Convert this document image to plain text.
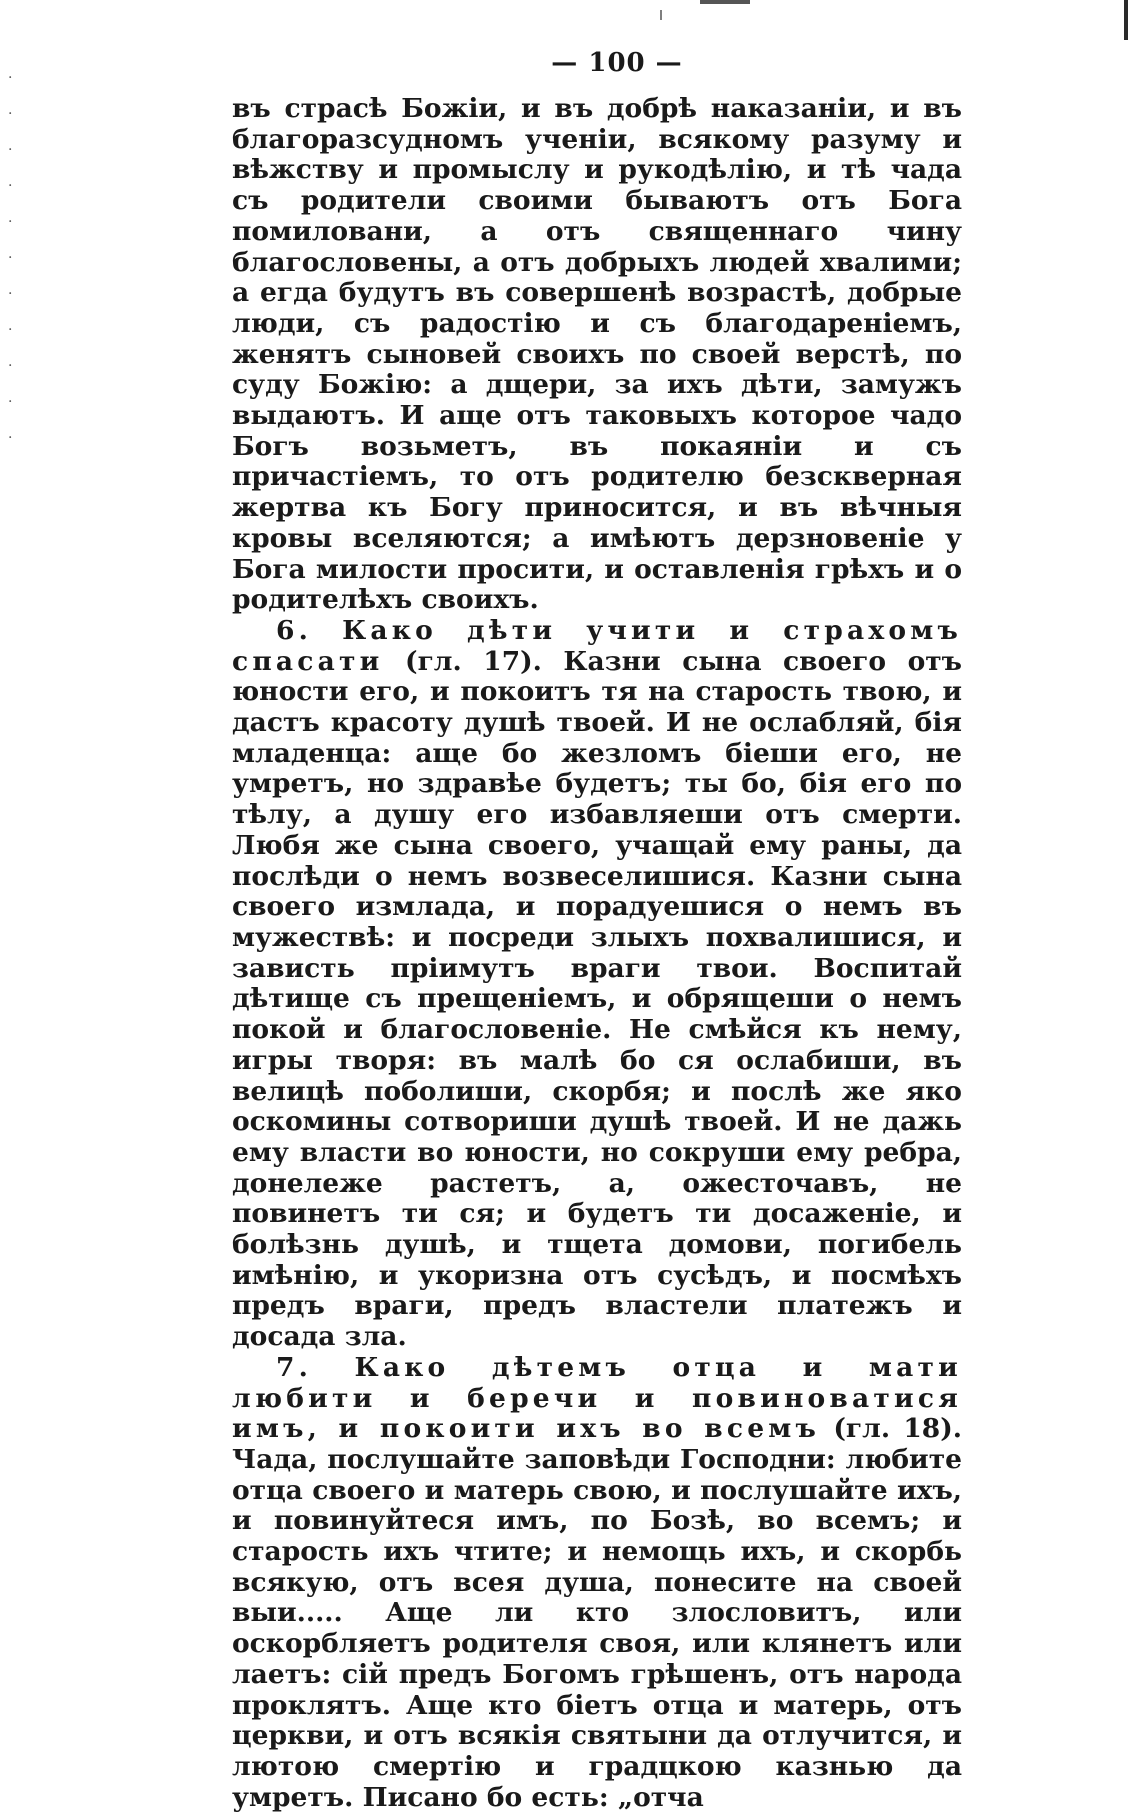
·
·
·
·
·
·
·
·
·
·
·
— 100 —

въ страсѣ Божiи, и въ добрѣ наказанiи, и въ благоразсудномъ ученiи, всякому разуму и вѣжству и промыслу и рукодѣлiю, и тѣ чада съ родители своими бываютъ отъ Бога помиловани, а отъ священнаго чину благословены, а отъ добрыхъ людей хвалими; а егда будутъ въ совершенѣ возрастѣ, добрые люди, съ радостiю и съ благодаренiемъ, женятъ сыновей своихъ по своей верстѣ, по суду Божiю: а дщери, за ихъ дѣти, замужъ выдаютъ. И аще отъ таковыхъ которое чадо Богъ возьметъ, въ покаянiи и съ причастiемъ, то отъ родителю безскверная жертва къ Богу приносится, и въ вѣчныя кровы вселяются; а имѣютъ дерзновенiе у Бога милости просити, и оставленiя грѣхъ и о родителѣхъ своихъ.

6. Како дѣти учити и страхомъ спасати (гл. 17). Казни сына своего отъ юности его, и покоитъ тя на старость твою, и дастъ красоту душѣ твоей. И не ослабляй, бiя младенца: аще бо жезломъ бiеши его, не умретъ, но здравѣе будетъ; ты бо, бiя его по тѣлу, а душу его избавляеши отъ смерти. Любя же сына своего, учащай ему раны, да послѣди о немъ возвеселишися. Казни сына своего измлада, и порадуешися о немъ въ мужествѣ: и посреди злыхъ похвалишися, и зависть прiимутъ враги твои. Воспитай дѣтище съ прещенiемъ, и обрящеши о немъ покой и благословенiе. Не смѣйся къ нему, игры творя: въ малѣ бо ся ослабиши, въ велицѣ поболиши, скорбя; и послѣ же яко оскомины сотвориши душѣ твоей. И не дажь ему власти во юности, но сокруши ему ребра, донележе растетъ, а, ожесточавъ, не повинетъ ти ся; и будетъ ти досаженiе, и болѣзнь душѣ, и тщета домови, погибель имѣнiю, и укоризна отъ сусѣдъ, и посмѣхъ предъ враги, предъ властели платежъ и досада зла.

7. Како дѣтемъ отца и мати любити и беречи и повиноватися имъ, и покоити ихъ во всемъ (гл. 18). Чада, послушайте заповѣди Господни: любите отца своего и матерь свою, и послушайте ихъ, и повинуйтеся имъ, по Бозѣ, во всемъ; и старость ихъ чтите; и немощь ихъ, и скорбь всякую, отъ всея душа, понесите на своей выи..... Аще ли кто злословитъ, или оскорбляетъ родителя своя, или клянетъ или лаетъ: сiй предъ Богомъ грѣшенъ, отъ народа проклятъ. Аще кто бiетъ отца и матерь, отъ церкви, и отъ всякiя святыни да отлучится, и лютою смертiю и градцкою казнью да умретъ. Писано бо есть: „отча
